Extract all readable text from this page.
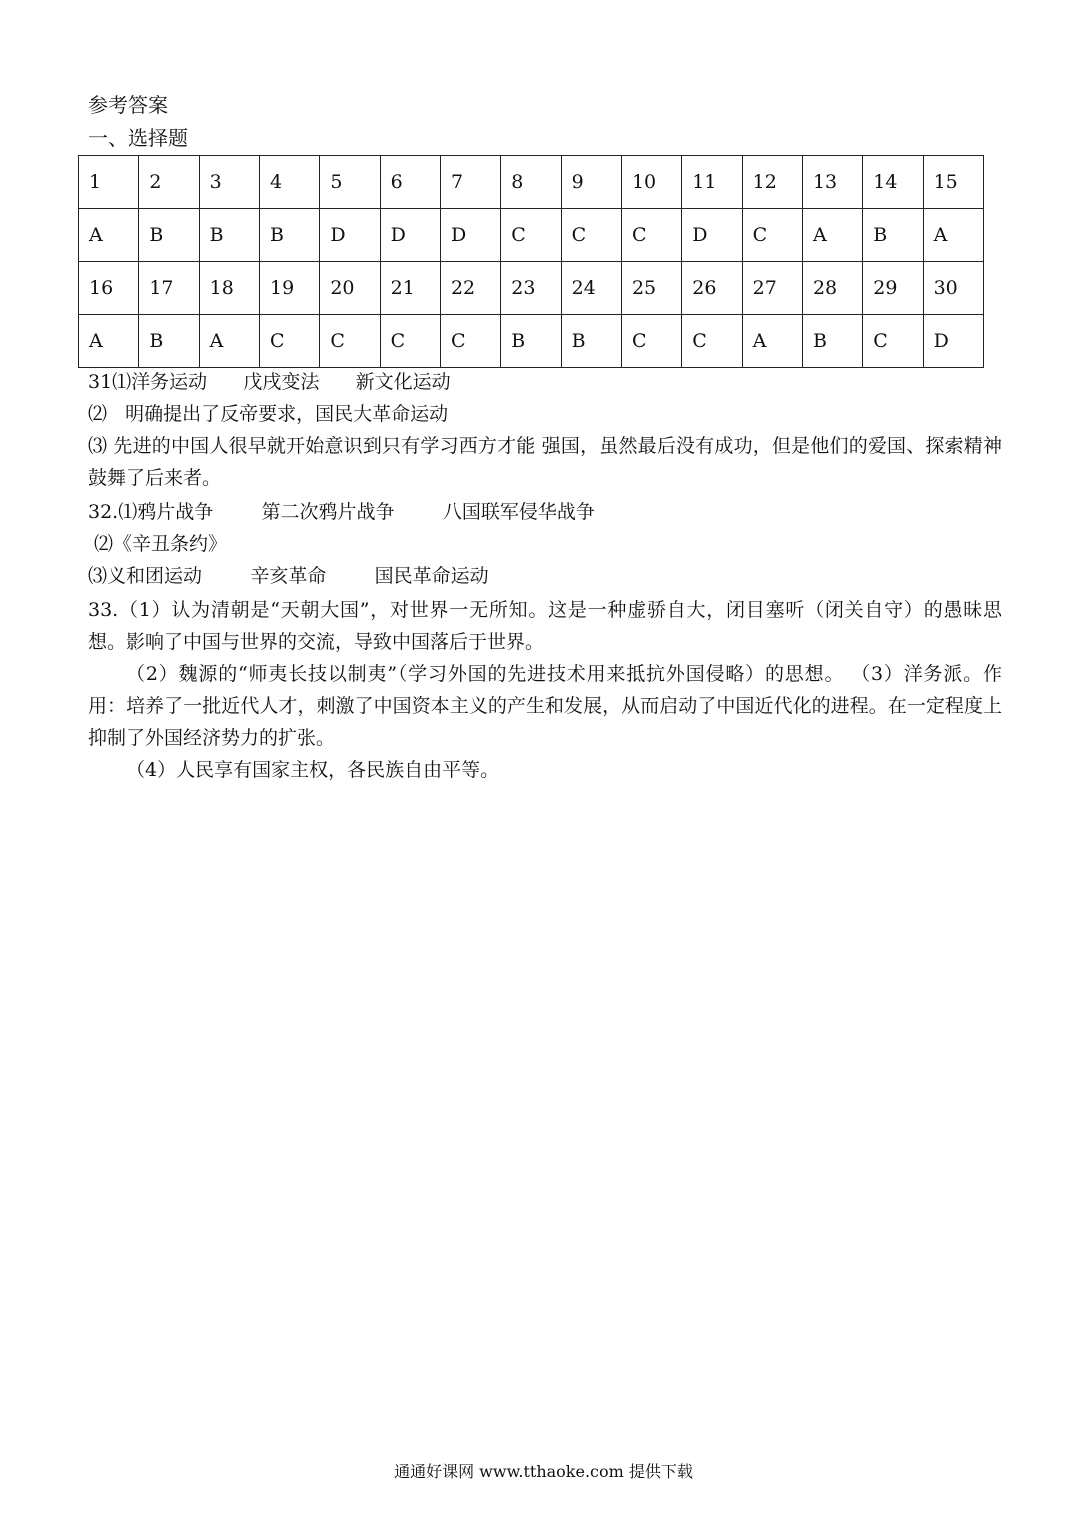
参考答案
一、选择题
1	2	3	4	5	6	7	8	9	10	11	12	13	14	15
A	B	B	B	D	D	D	C	C	C	D	C	A	B	A
16	17	18	19	20	21	22	23	24	25	26	27	28	29	30
A	B	A	C	C	C	C	B	B	C	C	A	B	C	D

31⑴洋务运动      戊戌变法      新文化运动

⑵   明确提出了反帝要求，国民大革命运动

⑶ 先进的中国人很早就开始意识到只有学习西方才能 强国，虽然最后没有成功，但是他们的爱国、探索精神鼓舞了后来者。

32.⑴鸦片战争        第二次鸦片战争        八国联军侵华战争

⑵《辛丑条约》

⑶义和团运动        辛亥革命        国民革命运动

33.（1）认为清朝是“天朝大国”，对世界一无所知。这是一种虚骄自大，闭目塞听（闭关自守）的愚昧思想。影响了中国与世界的交流，导致中国落后于世界。

（2）魏源的“师夷长技以制夷”（学习外国的先进技术用来抵抗外国侵略）的思想。 （3）洋务派。作用：培养了一批近代人才，刺激了中国资本主义的产生和发展，从而启动了中国近代化的进程。在一定程度上抑制了外国经济势力的扩张。

（4）人民享有国家主权，各民族自由平等。

通通好课网 www.tthaoke.com 提供下载
